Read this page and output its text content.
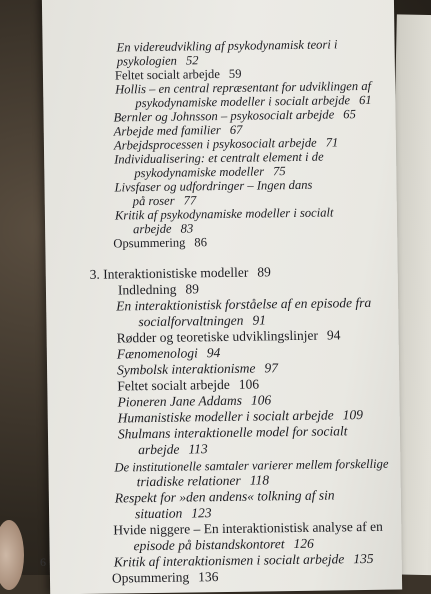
En videreudvikling af psykodynamisk teori i
psykologien 52
Feltet socialt arbejde 59
Hollis – en central repræsentant for udviklingen af
psykodynamiske modeller i socialt arbejde 61
Bernler og Johnsson – psykosocialt arbejde 65
Arbejde med familier 67
Arbejdsprocessen i psykosocialt arbejde 71
Individualisering: et centralt element i de
psykodynamiske modeller 75
Livsfaser og udfordringer – Ingen dans
på roser 77
Kritik af psykodynamiske modeller i socialt
arbejde 83
Opsummering 86
3. Interaktionistiske modeller 89
Indledning 89
En interaktionistisk forståelse af en episode fra
socialforvaltningen 91
Rødder og teoretiske udviklingslinjer 94
Fænomenologi 94
Symbolsk interaktionisme 97
Feltet socialt arbejde 106
Pioneren Jane Addams 106
Humanistiske modeller i socialt arbejde 109
Shulmans interaktionelle model for socialt
arbejde 113
De institutionelle samtaler varierer mellem forskellige
triadiske relationer 118
Respekt for »den andens« tolkning af sin
situation 123
Hvide niggere – En interaktionistisk analyse af en
episode på bistandskontoret 126
Kritik af interaktionismen i socialt arbejde 135
Opsummering 136
6
